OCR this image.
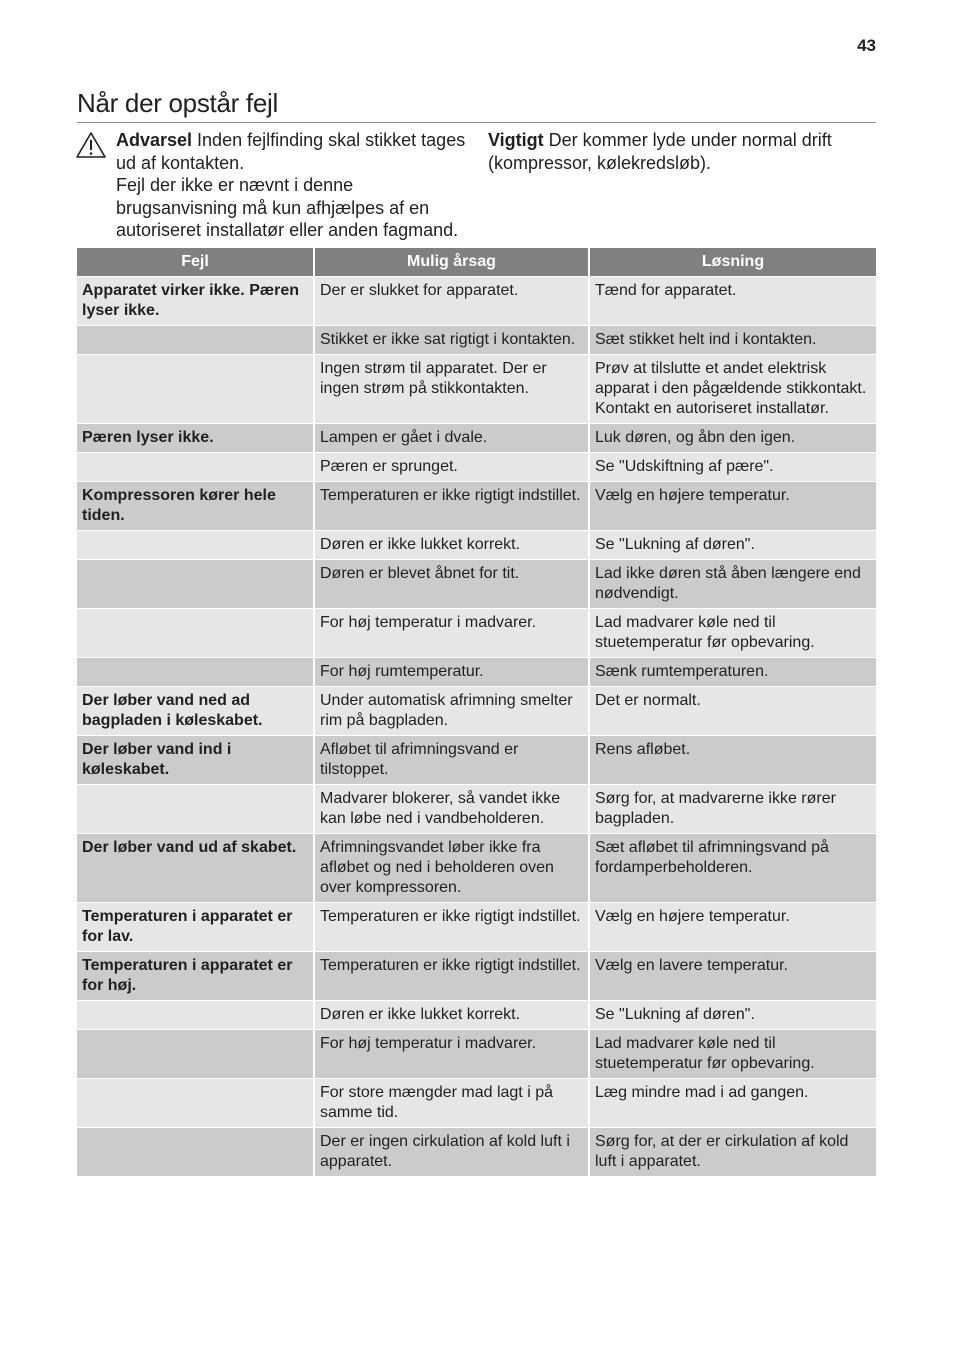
43
Når der opstår fejl
Advarsel Inden fejlfinding skal stikket tages ud af kontakten.
Fejl der ikke er nævnt i denne brugsanvisning må kun afhjælpes af en autoriseret installatør eller anden fagmand.
Vigtigt Der kommer lyde under normal drift (kompressor, kølekredsløb).
Fejl	Mulig årsag	Løsning

Apparatet virker ikke. Pæren lyser ikke.	Der er slukket for apparatet.	Tænd for apparatet.

	Stikket er ikke sat rigtigt i kontakten.	Sæt stikket helt ind i kontakten.

	Ingen strøm til apparatet. Der er ingen strøm på stikkontakten.	Prøv at tilslutte et andet elektrisk apparat i den pågældende stikkontakt.
Kontakt en autoriseret installatør.

Pæren lyser ikke.	Lampen er gået i dvale.	Luk døren, og åbn den igen.

	Pæren er sprunget.	Se "Udskiftning af pære".

Kompressoren kører hele tiden.	Temperaturen er ikke rigtigt indstillet.	Vælg en højere temperatur.

	Døren er ikke lukket korrekt.	Se "Lukning af døren".

	Døren er blevet åbnet for tit.	Lad ikke døren stå åben længere end nødvendigt.

	For høj temperatur i madvarer.	Lad madvarer køle ned til stuetemperatur før opbevaring.

	For høj rumtemperatur.	Sænk rumtemperaturen.

Der løber vand ned ad bagpladen i køleskabet.	Under automatisk afrimning smelter rim på bagpladen.	Det er normalt.

Der løber vand ind i køleskabet.	Afløbet til afrimningsvand er tilstoppet.	Rens afløbet.

	Madvarer blokerer, så vandet ikke kan løbe ned i vandbeholderen.	Sørg for, at madvarerne ikke rører bagpladen.

Der løber vand ud af skabet.	Afrimningsvandet løber ikke fra afløbet og ned i beholderen oven over kompressoren.	Sæt afløbet til afrimningsvand på fordamperbeholderen.

Temperaturen i apparatet er for lav.	Temperaturen er ikke rigtigt indstillet.	Vælg en højere temperatur.

Temperaturen i apparatet er for høj.	Temperaturen er ikke rigtigt indstillet.	Vælg en lavere temperatur.

	Døren er ikke lukket korrekt.	Se "Lukning af døren".

	For høj temperatur i madvarer.	Lad madvarer køle ned til stuetemperatur før opbevaring.

	For store mængder mad lagt i på samme tid.	Læg mindre mad i ad gangen.

	Der er ingen cirkulation af kold luft i apparatet.	Sørg for, at der er cirkulation af kold luft i apparatet.
